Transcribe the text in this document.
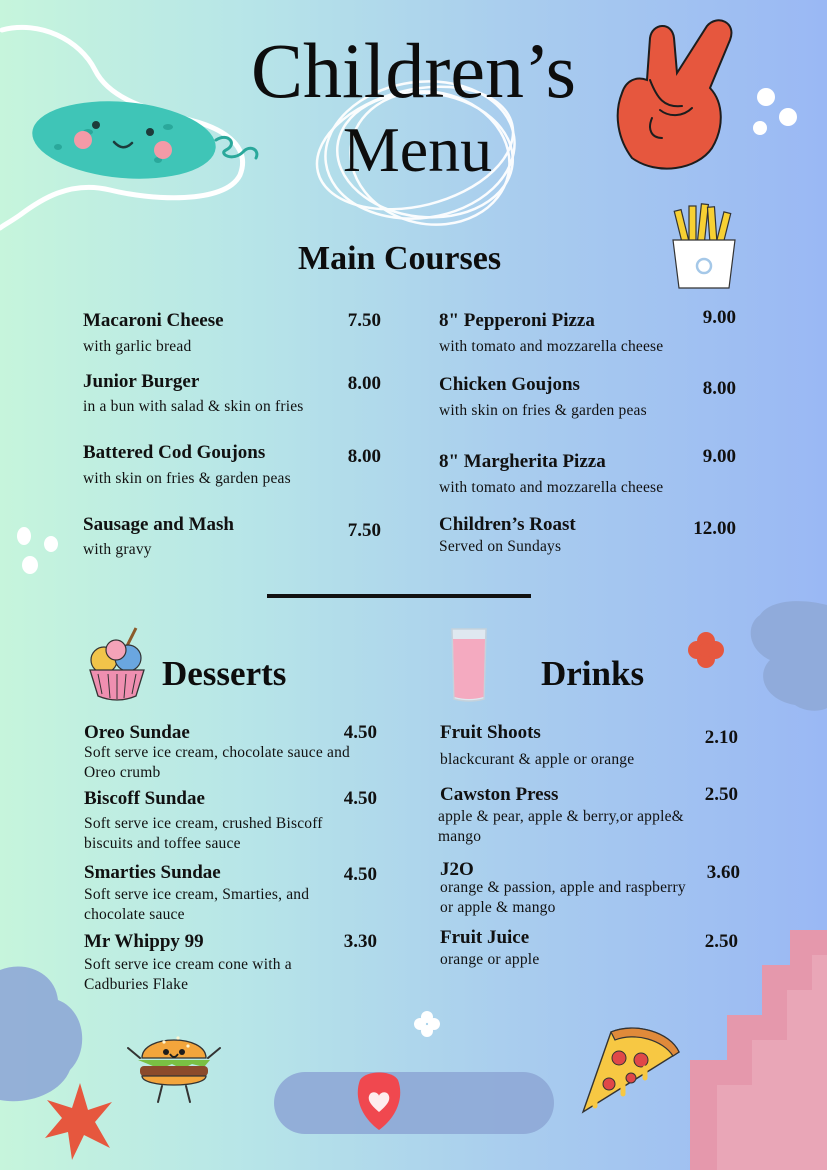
Children’s
Menu
Main Courses
Macaroni Cheese	7.50
with garlic bread
Junior Burger	8.00
in a bun with salad & skin on fries
Battered Cod Goujons	8.00
with skin on fries & garden peas
Sausage and Mash	7.50
with gravy
8" Pepperoni Pizza	9.00
with tomato and mozzarella cheese
Chicken Goujons	8.00
with skin on fries & garden peas
8" Margherita Pizza	9.00
with tomato and mozzarella cheese
Children’s Roast	12.00
Served on Sundays
Desserts
Oreo Sundae	4.50
Soft serve ice cream, chocolate sauce and
Oreo crumb
Biscoff Sundae	4.50
Soft serve ice cream, crushed Biscoff
biscuits and toffee sauce
Smarties Sundae	4.50
Soft serve ice cream, Smarties, and
chocolate sauce
Mr Whippy 99	3.30
Soft serve ice cream cone with a
Cadburies Flake
Drinks
Fruit Shoots	2.10
blackcurant & apple or orange
Cawston Press	2.50
apple & pear, apple & berry,or apple&
mango
J2O	3.60
orange & passion, apple and raspberry
or apple & mango
Fruit Juice	2.50
orange or apple
